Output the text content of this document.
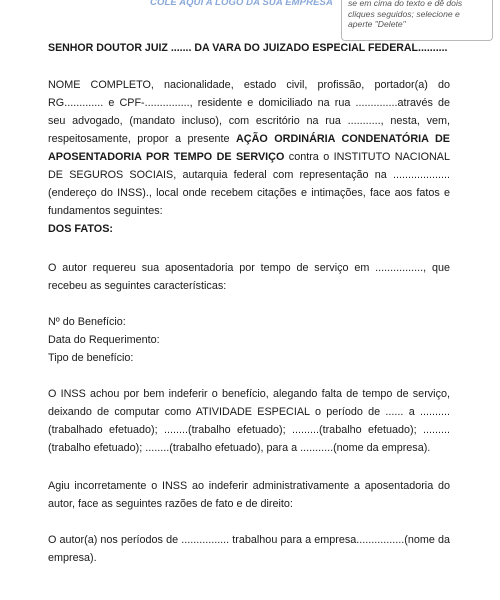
COLE AQUI A LOGO DA SUA EMPRESA	se em cima do texto e dê dois cliques seguidos; selecione e aperte "Delete"
SENHOR DOUTOR JUIZ ....... DA VARA DO JUIZADO ESPECIAL FEDERAL..........
NOME COMPLETO, nacionalidade, estado civil, profissão, portador(a) do RG............. e CPF-..............., residente e domiciliado na rua ..............através de seu advogado, (mandato incluso), com escritório na rua ..........., nesta, vem, respeitosamente, propor a presente AÇÃO ORDINÁRIA CONDENATÓRIA DE APOSENTADORIA POR TEMPO DE SERVIÇO contra o INSTITUTO NACIONAL DE SEGUROS SOCIAIS, autarquia federal com representação na ...................(endereço do INSS)., local onde recebem citações e intimações, face aos fatos e fundamentos seguintes:
DOS FATOS:
O autor requereu sua aposentadoria por tempo de serviço em ................, que recebeu as seguintes características:
Nº do Benefício:
Data do Requerimento:
Tipo de benefício:
O INSS achou por bem indeferir o benefício, alegando falta de tempo de serviço, deixando de computar como ATIVIDADE ESPECIAL o período de ...... a ..........(trabalhado efetuado); ........(trabalho efetuado); .........(trabalho efetuado); .........(trabalho efetuado); ........(trabalho efetuado), para a ...........(nome da empresa).
Agiu incorretamente o INSS ao indeferir administrativamente a aposentadoria do autor, face as seguintes razões de fato e de direito:
O autor(a) nos períodos de ................ trabalhou para a empresa................(nome da empresa).
